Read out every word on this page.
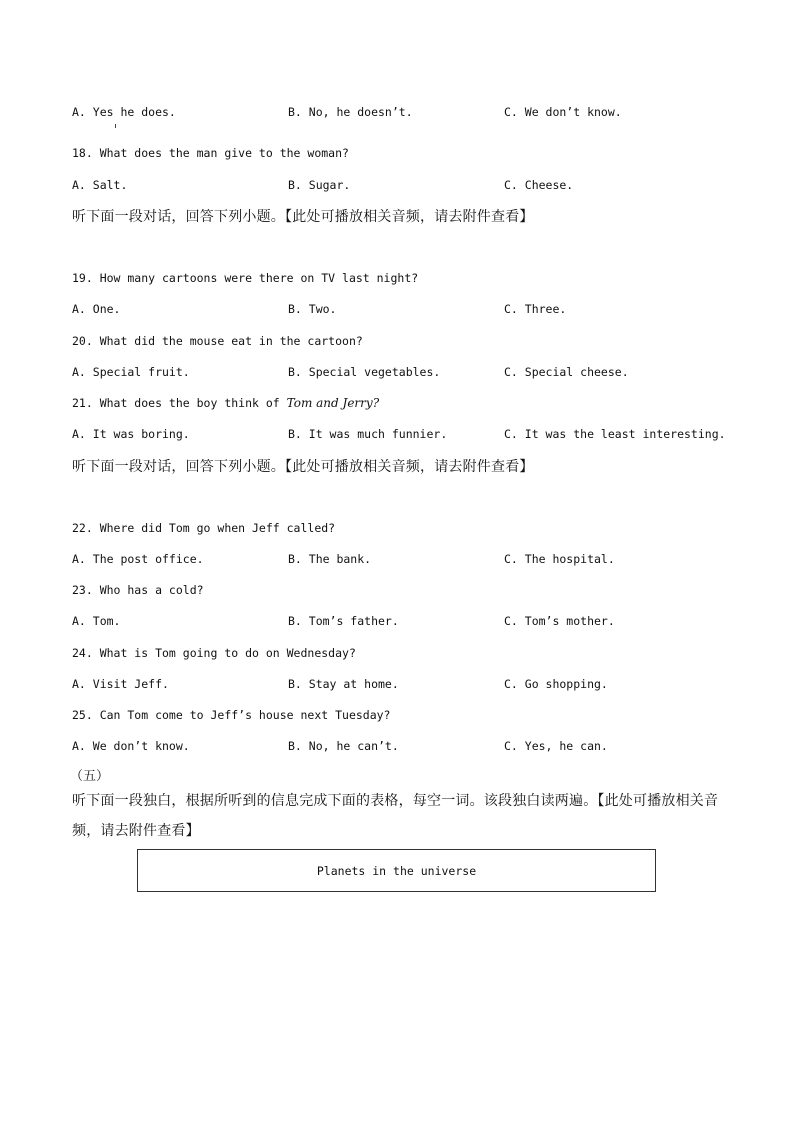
A. Yes he does.	B. No, he doesn’t.	C. We don’t know.
18. What does the man give to the woman?
A. Salt.	B. Sugar.	C. Cheese.
听下面一段对话，回答下列小题。【此处可播放相关音频，请去附件查看】
19. How many cartoons were there on TV last night?
A. One.	B. Two.	C. Three.
20. What did the mouse eat in the cartoon?
A. Special fruit.	B. Special vegetables.	C. Special cheese.
21. What does the boy think of Tom and Jerry?
A. It was boring.	B. It was much funnier.	C. It was the least interesting.
听下面一段对话，回答下列小题。【此处可播放相关音频，请去附件查看】
22. Where did Tom go when Jeff called?
A. The post office.	B. The bank.	C. The hospital.
23. Who has a cold?
A. Tom.	B. Tom’s father.	C. Tom’s mother.
24. What is Tom going to do on Wednesday?
A. Visit Jeff.	B. Stay at home.	C. Go shopping.
25. Can Tom come to Jeff’s house next Tuesday?
A. We don’t know.	B. No, he can’t.	C. Yes, he can.
（五）
听下面一段独白，根据所听到的信息完成下面的表格，每空一词。该段独白读两遍。【此处可播放相关音频，请去附件查看】
Planets in the universe
